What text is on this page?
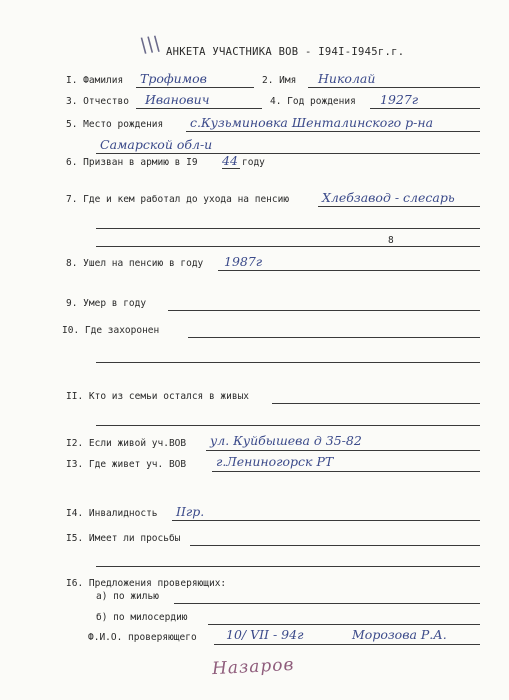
\\\ АНКЕТА УЧАСТНИКА ВОВ - I94I-I945г.г.
I. Фамилия Трофимов	2. Имя Николай
3. Отчество Иванович	4. Год рождения 1927г
5. Место рождения с.Кузьминовка Шенталинского р-на
Самарской обл-и
6. Призван в армию в I9 44 году
7. Где и кем работал до ухода на пенсию	Хлебзавод - слесарь
8
8. Ушел на пенсию в году 1987г
9. Умер в году
I0. Где захоронен
II. Кто из семьи остался в живых
I2. Если живой уч.ВОВ ул. Куйбышева д 35-82
I3. Где живет уч. ВОВ г.Лениногорск РТ
I4. Инвалидность IIгр.
I5. Имеет ли просьбы
I6. Предложения проверяющих:
а) по жилью
б) по милосердию
Ф.И.О. проверяющего 10/ VII - 94г	Морозова Р.А.
Назаров
